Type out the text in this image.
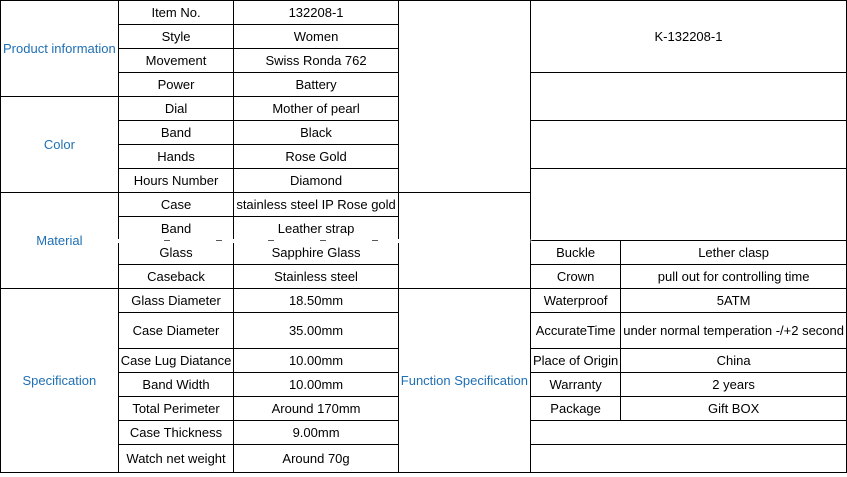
Product information	Item No.	132208-1		K-132208-1	
	Style	Women			
	Movement	Swiss Ronda 762			
	Power	Battery			
Color	Dial	Mother of pearl			
	Band	Black			
	Hands	Rose Gold			
	Hours Number	Diamond			
Material	Case	stainless steel IP Rose gold			
	Band	Leather strap			
	Glass	Sapphire Glass		Buckle	Lether clasp
	Caseback	Stainless steel		Crown	pull out for controlling time
Specification	Glass Diameter	18.50mm	Function Specification	Waterproof	5ATM
	Case Diameter	35.00mm		AccurateTime	under normal temperation -/+2 second
	Case Lug Diatance	10.00mm		Place of Origin	China
	Band Width	10.00mm		Warranty	2 years
	Total Perimeter	Around 170mm		Package	Gift BOX
	Case Thickness	9.00mm			
	Watch net weight	Around 70g			
